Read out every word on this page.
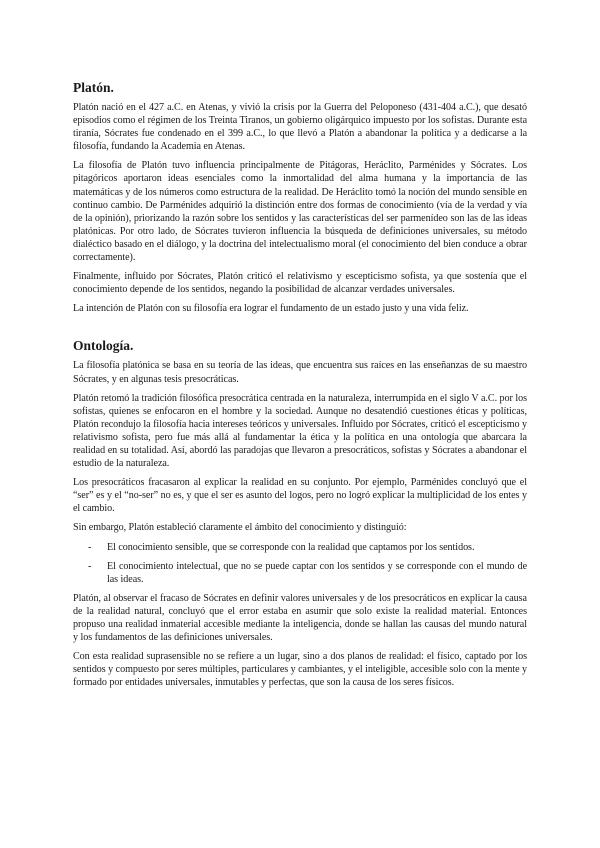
Platón.

Platón nació en el 427 a.C. en Atenas, y vivió la crisis por la Guerra del Peloponeso (431-404 a.C.), que desató episodios como el régimen de los Treinta Tiranos, un gobierno oligárquico impuesto por los sofistas. Durante esta tiranía, Sócrates fue condenado en el 399 a.C., lo que llevó a Platón a abandonar la política y a dedicarse a la filosofía, fundando la Academia en Atenas.

La filosofía de Platón tuvo influencia principalmente de Pitágoras, Heráclito, Parménides y Sócrates. Los pitagóricos aportaron ideas esenciales como la inmortalidad del alma humana y la importancia de las matemáticas y de los números como estructura de la realidad. De Heráclito tomó la noción del mundo sensible en continuo cambio. De Parménides adquirió la distinción entre dos formas de conocimiento (vía de la verdad y vía de la opinión), priorizando la razón sobre los sentidos y las características del ser parmenídeo son las de las ideas platónicas. Por otro lado, de Sócrates tuvieron influencia la búsqueda de definiciones universales, su método dialéctico basado en el diálogo, y la doctrina del intelectualismo moral (el conocimiento del bien conduce a obrar correctamente).

Finalmente, influido por Sócrates, Platón criticó el relativismo y escepticismo sofista, ya que sostenía que el conocimiento depende de los sentidos, negando la posibilidad de alcanzar verdades universales.

La intención de Platón con su filosofía era lograr el fundamento de un estado justo y una vida feliz.

Ontología.

La filosofía platónica se basa en su teoría de las ideas, que encuentra sus raíces en las enseñanzas de su maestro Sócrates, y en algunas tesis presocráticas.

Platón retomó la tradición filosófica presocrática centrada en la naturaleza, interrumpida en el siglo V a.C. por los sofistas, quienes se enfocaron en el hombre y la sociedad. Aunque no desatendió cuestiones éticas y políticas, Platón recondujo la filosofía hacia intereses teóricos y universales. Influido por Sócrates, criticó el escepticismo y relativismo sofista, pero fue más allá al fundamentar la ética y la política en una ontología que abarcara la realidad en su totalidad. Así, abordó las paradojas que llevaron a presocráticos, sofistas y Sócrates a abandonar el estudio de la naturaleza.

Los presocráticos fracasaron al explicar la realidad en su conjunto. Por ejemplo, Parménides concluyó que el “ser” es y el “no-ser” no es, y que el ser es asunto del logos, pero no logró explicar la multiplicidad de los entes y el cambio.

Sin embargo, Platón estableció claramente el ámbito del conocimiento y distinguió:

- El conocimiento sensible, que se corresponde con la realidad que captamos por los sentidos.
- El conocimiento intelectual, que no se puede captar con los sentidos y se corresponde con el mundo de las ideas.

Platón, al observar el fracaso de Sócrates en definir valores universales y de los presocráticos en explicar la causa de la realidad natural, concluyó que el error estaba en asumir que solo existe la realidad material. Entonces propuso una realidad inmaterial accesible mediante la inteligencia, donde se hallan las causas del mundo natural y los fundamentos de las definiciones universales.

Con esta realidad suprasensible no se refiere a un lugar, sino a dos planos de realidad: el físico, captado por los sentidos y compuesto por seres múltiples, particulares y cambiantes, y el inteligible, accesible solo con la mente y formado por entidades universales, inmutables y perfectas, que son la causa de los seres físicos.
